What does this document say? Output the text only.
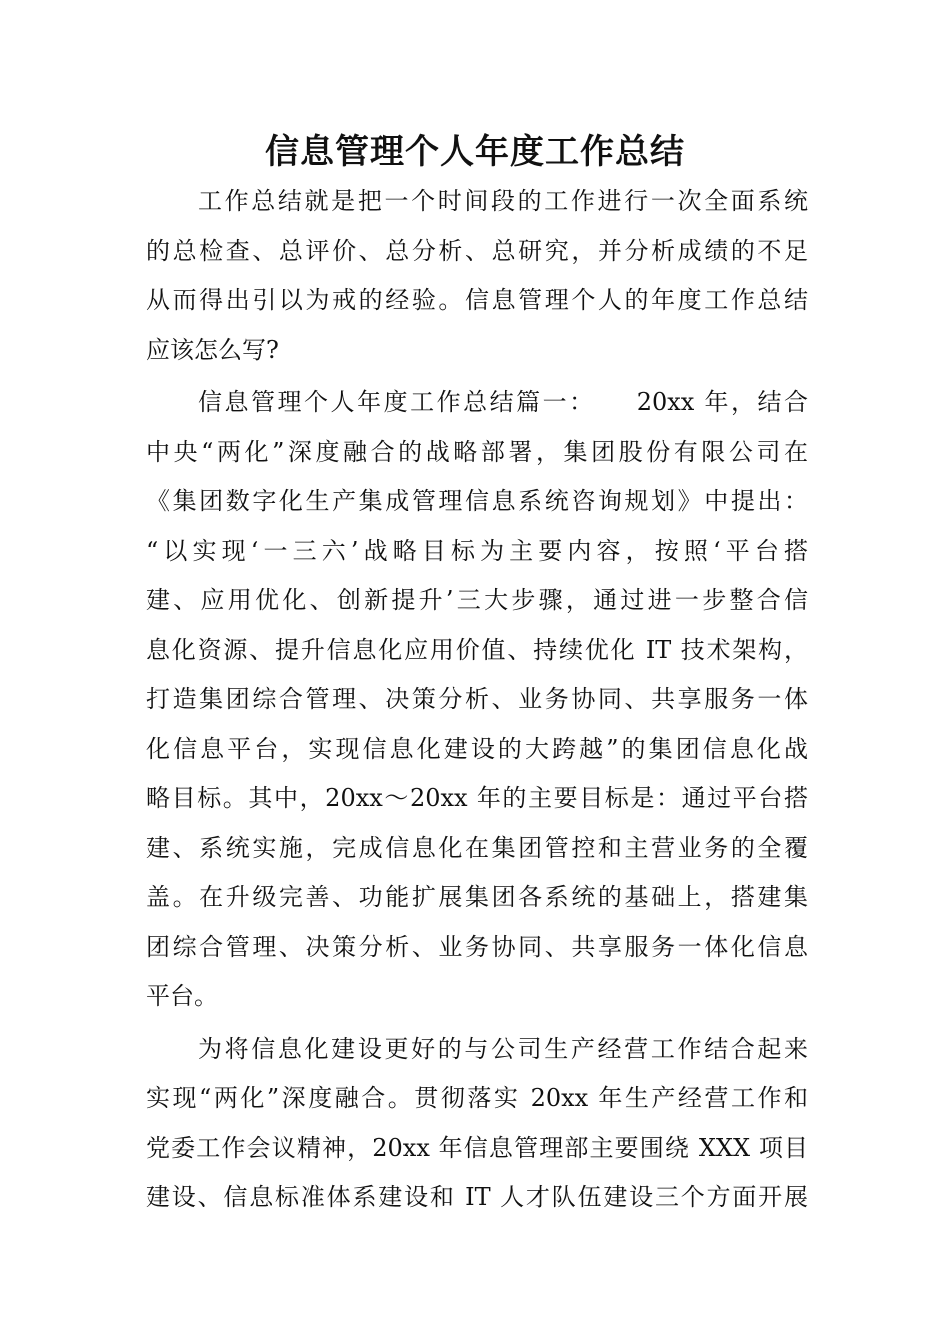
信息管理个人年度工作总结
工作总结就是把一个时间段的工作进行一次全面系统
的总检查、总评价、总分析、总研究，并分析成绩的不足
从而得出引以为戒的经验。信息管理个人的年度工作总结
应该怎么写?
信息管理个人年度工作总结篇一：　　20xx 年，结合
中央“两化”深度融合的战略部署，集团股份有限公司在
《集团数字化生产集成管理信息系统咨询规划》中提出：
“以实现‘一三六’战略目标为主要内容，按照‘平台搭
建、应用优化、创新提升’三大步骤，通过进一步整合信
息化资源、提升信息化应用价值、持续优化 IT 技术架构，
打造集团综合管理、决策分析、业务协同、共享服务一体
化信息平台，实现信息化建设的大跨越”的集团信息化战
略目标。其中，20xx～20xx 年的主要目标是：通过平台搭
建、系统实施，完成信息化在集团管控和主营业务的全覆
盖。在升级完善、功能扩展集团各系统的基础上，搭建集
团综合管理、决策分析、业务协同、共享服务一体化信息
平台。
为将信息化建设更好的与公司生产经营工作结合起来
实现“两化”深度融合。贯彻落实 20xx 年生产经营工作和
党委工作会议精神，20xx 年信息管理部主要围绕 XXX 项目
建设、信息标准体系建设和 IT 人才队伍建设三个方面开展
